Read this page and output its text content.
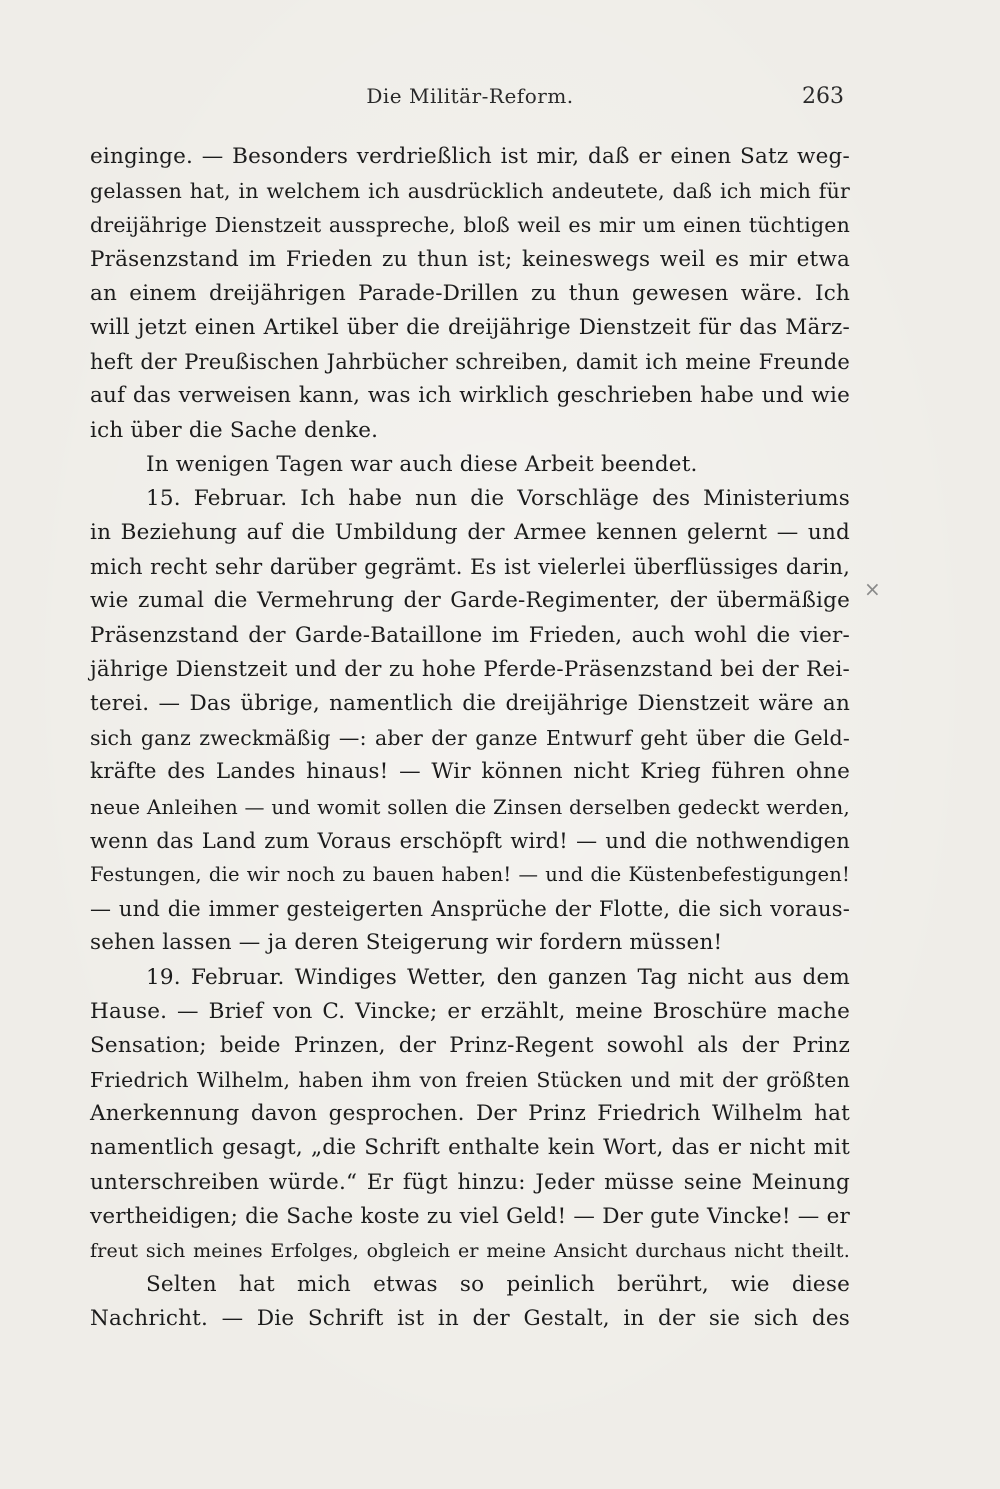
Die Militär-Reform.	263
einginge. — Besonders verdrießlich ist mir, daß er einen Satz weg-
gelassen hat, in welchem ich ausdrücklich andeutete, daß ich mich für
dreijährige Dienstzeit ausspreche, bloß weil es mir um einen tüchtigen
Präsenzstand im Frieden zu thun ist; keineswegs weil es mir etwa
an einem dreijährigen Parade-Drillen zu thun gewesen wäre. Ich
will jetzt einen Artikel über die dreijährige Dienstzeit für das März-
heft der Preußischen Jahrbücher schreiben, damit ich meine Freunde
auf das verweisen kann, was ich wirklich geschrieben habe und wie
ich über die Sache denke.
In wenigen Tagen war auch diese Arbeit beendet.
15. Februar. Ich habe nun die Vorschläge des Ministeriums
in Beziehung auf die Umbildung der Armee kennen gelernt — und
mich recht sehr darüber gegrämt. Es ist vielerlei überflüssiges darin,
wie zumal die Vermehrung der Garde-Regimenter, der übermäßige
Präsenzstand der Garde-Bataillone im Frieden, auch wohl die vier-
jährige Dienstzeit und der zu hohe Pferde-Präsenzstand bei der Rei-
terei. — Das übrige, namentlich die dreijährige Dienstzeit wäre an
sich ganz zweckmäßig —: aber der ganze Entwurf geht über die Geld-
kräfte des Landes hinaus! — Wir können nicht Krieg führen ohne
neue Anleihen — und womit sollen die Zinsen derselben gedeckt werden,
wenn das Land zum Voraus erschöpft wird! — und die nothwendigen
Festungen, die wir noch zu bauen haben! — und die Küstenbefestigungen!
— und die immer gesteigerten Ansprüche der Flotte, die sich voraus-
sehen lassen — ja deren Steigerung wir fordern müssen!
19. Februar. Windiges Wetter, den ganzen Tag nicht aus dem
Hause. — Brief von C. Vincke; er erzählt, meine Broschüre mache
Sensation; beide Prinzen, der Prinz-Regent sowohl als der Prinz
Friedrich Wilhelm, haben ihm von freien Stücken und mit der größten
Anerkennung davon gesprochen. Der Prinz Friedrich Wilhelm hat
namentlich gesagt, „die Schrift enthalte kein Wort, das er nicht mit
unterschreiben würde.“ Er fügt hinzu: Jeder müsse seine Meinung
vertheidigen; die Sache koste zu viel Geld! — Der gute Vincke! — er
freut sich meines Erfolges, obgleich er meine Ansicht durchaus nicht theilt.
Selten hat mich etwas so peinlich berührt, wie diese
Nachricht. — Die Schrift ist in der Gestalt, in der sie sich des
×
